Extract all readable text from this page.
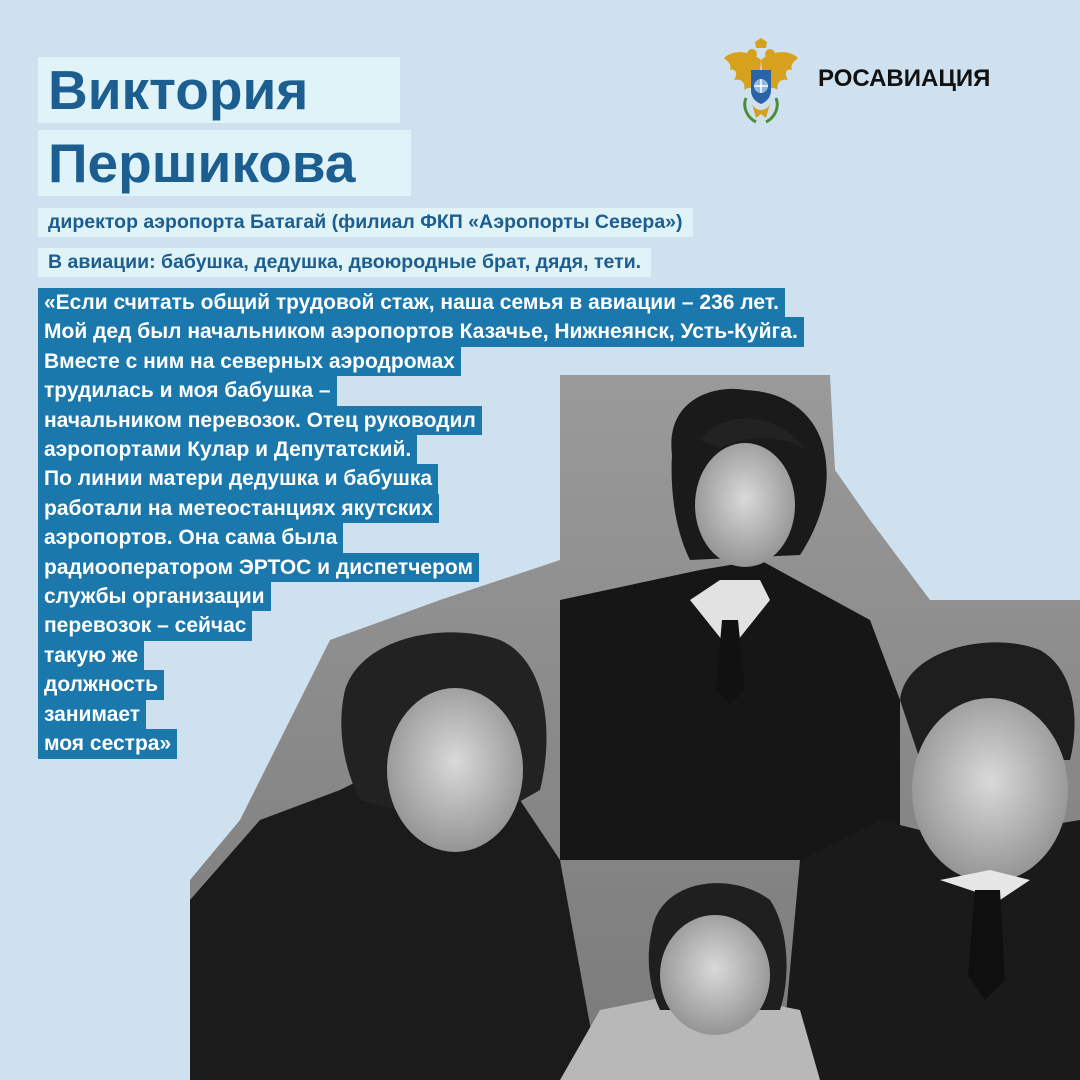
Виктория
Першикова
директор аэропорта Батагай (филиал ФКП «Аэропорты Севера»)
В авиации: бабушка, дедушка, двоюродные брат, дядя, тети.
«Если считать общий трудовой стаж, наша семья в авиации – 236 лет.
Мой дед был начальником аэропортов Казачье, Нижнеянск, Усть-Куйга.
Вместе с ним на северных аэродромах
трудилась и моя бабушка –
начальником перевозок. Отец руководил
аэропортами Кулар и Депутатский.
По линии матери дедушка и бабушка
работали на метеостанциях якутских
аэропортов. Она сама была
радиооператором ЭРТОС и диспетчером
службы организации
перевозок – сейчас
такую же
должность
занимает
моя сестра»
РОСАВИАЦИЯ
